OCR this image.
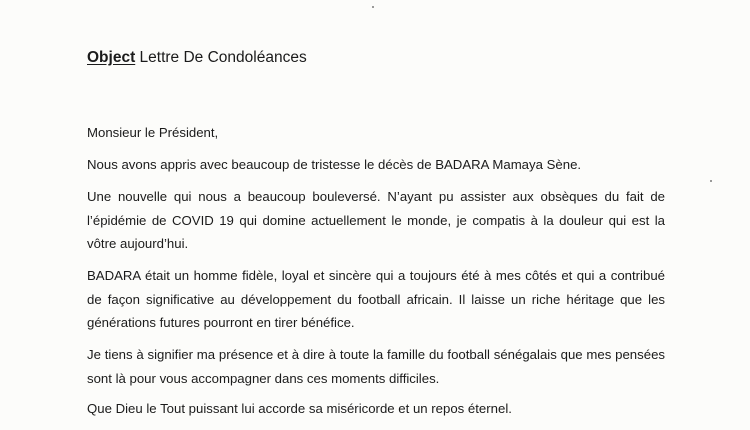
Object Lettre De Condoléances

Monsieur le Président,

Nous avons appris avec beaucoup de tristesse le décès de BADARA Mamaya Sène.

Une nouvelle qui nous a beaucoup bouleversé. N’ayant pu assister aux obsèques du fait de l’épidémie de COVID 19 qui domine actuellement le monde, je compatis à la douleur qui est la vôtre aujourd’hui.

BADARA était un homme fidèle, loyal et sincère qui a toujours été à mes côtés et qui a contribué de façon significative au développement du football africain. Il laisse un riche héritage que les générations futures pourront en tirer bénéfice.

Je tiens à signifier ma présence et à dire à toute la famille du football sénégalais que mes pensées sont là pour vous accompagner dans ces moments difficiles.

Que Dieu le Tout puissant lui accorde sa miséricorde et un repos éternel.
